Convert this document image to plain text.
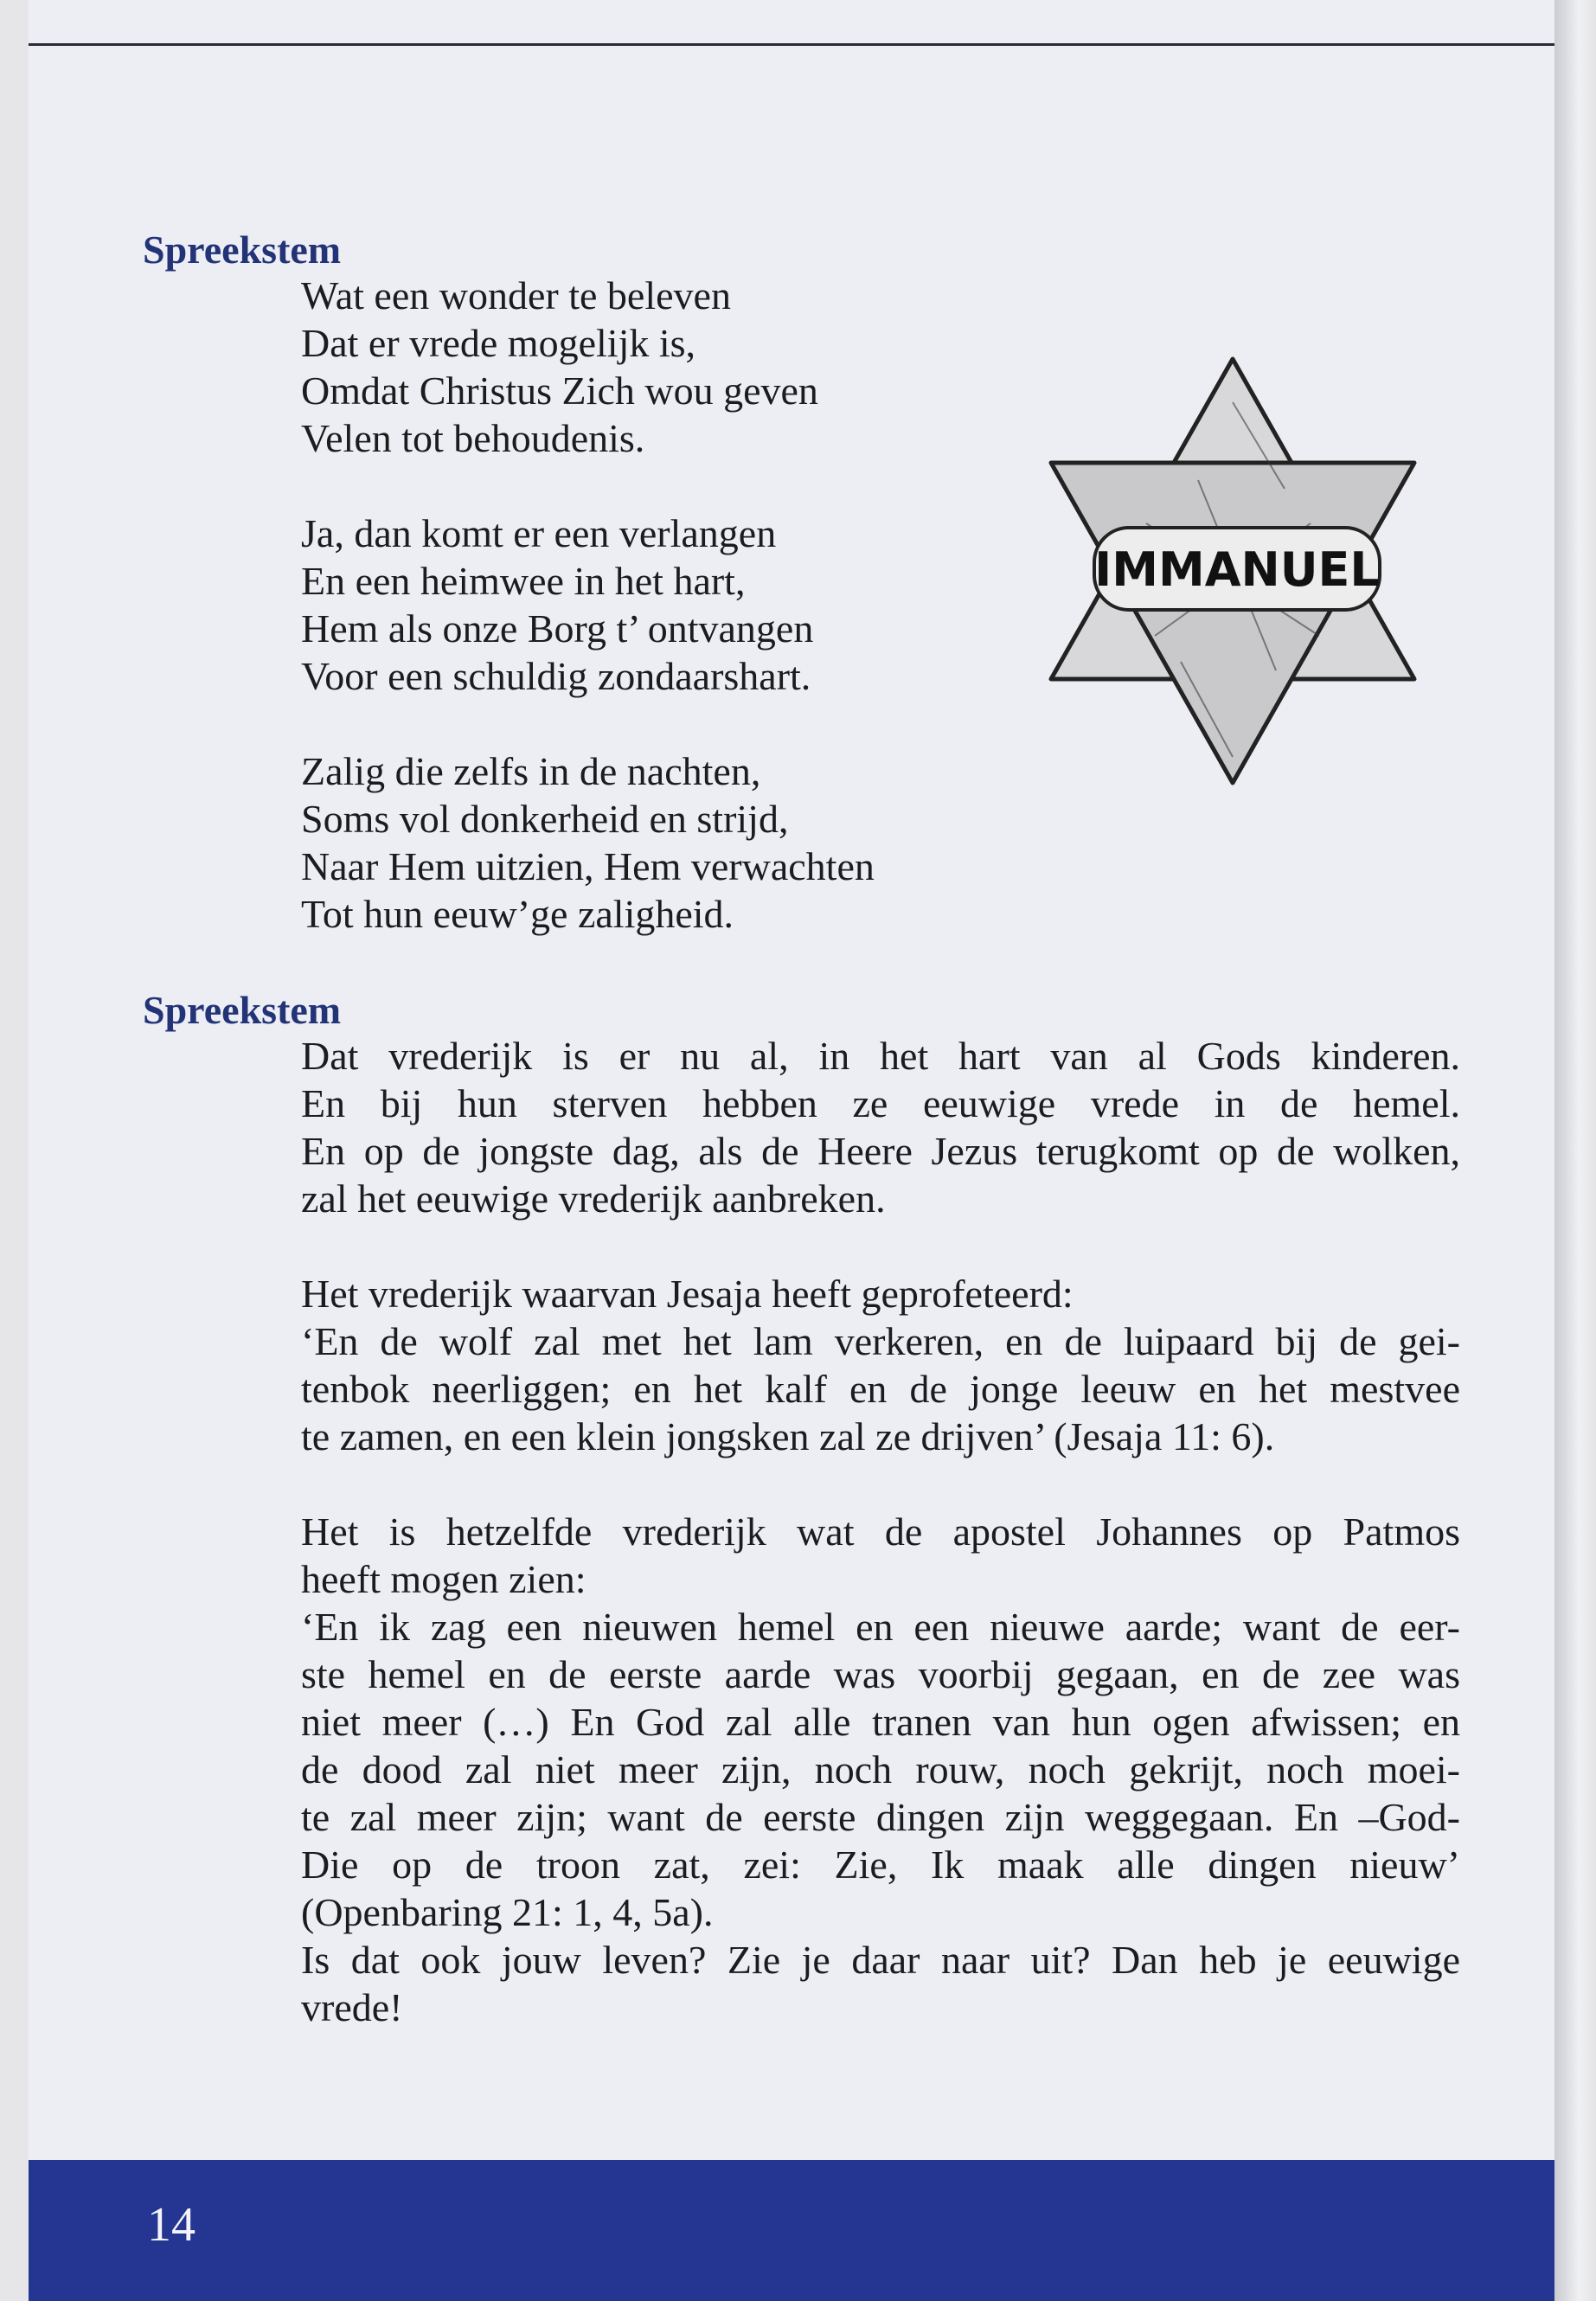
Spreekstem
Wat een wonder te beleven
Dat er vrede mogelijk is,
Omdat Christus Zich wou geven
Velen tot behoudenis.
Ja, dan komt er een verlangen
En een heimwee in het hart,
Hem als onze Borg t’ ontvangen
Voor een schuldig zondaarshart.
Zalig die zelfs in de nachten,
Soms vol donkerheid en strijd,
Naar Hem uitzien, Hem verwachten
Tot hun eeuw’ge zaligheid.
IMMANUEL
Spreekstem
Dat vrederijk is er nu al, in het hart van al Gods kinderen.
En bij hun sterven hebben ze eeuwige vrede in de hemel.
En op de jongste dag, als de Heere Jezus terugkomt op de wolken,
zal het eeuwige vrederijk aanbreken.
Het vrederijk waarvan Jesaja heeft geprofeteerd:
‘En de wolf zal met het lam verkeren, en de luipaard bij de gei-
tenbok neerliggen; en het kalf en de jonge leeuw en het mestvee
te zamen, en een klein jongsken zal ze drijven’ (Jesaja 11: 6).
Het is hetzelfde vrederijk wat de apostel Johannes op Patmos
heeft mogen zien:
‘En ik zag een nieuwen hemel en een nieuwe aarde; want de eer-
ste hemel en de eerste aarde was voorbij gegaan, en de zee was
niet meer (…) En God zal alle tranen van hun ogen afwissen; en
de dood zal niet meer zijn, noch rouw, noch gekrijt, noch moei-
te zal meer zijn; want de eerste dingen zijn weggegaan. En –God-
Die op de troon zat, zei: Zie, Ik maak alle dingen nieuw’
(Openbaring 21: 1, 4, 5a).
Is dat ook jouw leven? Zie je daar naar uit? Dan heb je eeuwige
vrede!
14
